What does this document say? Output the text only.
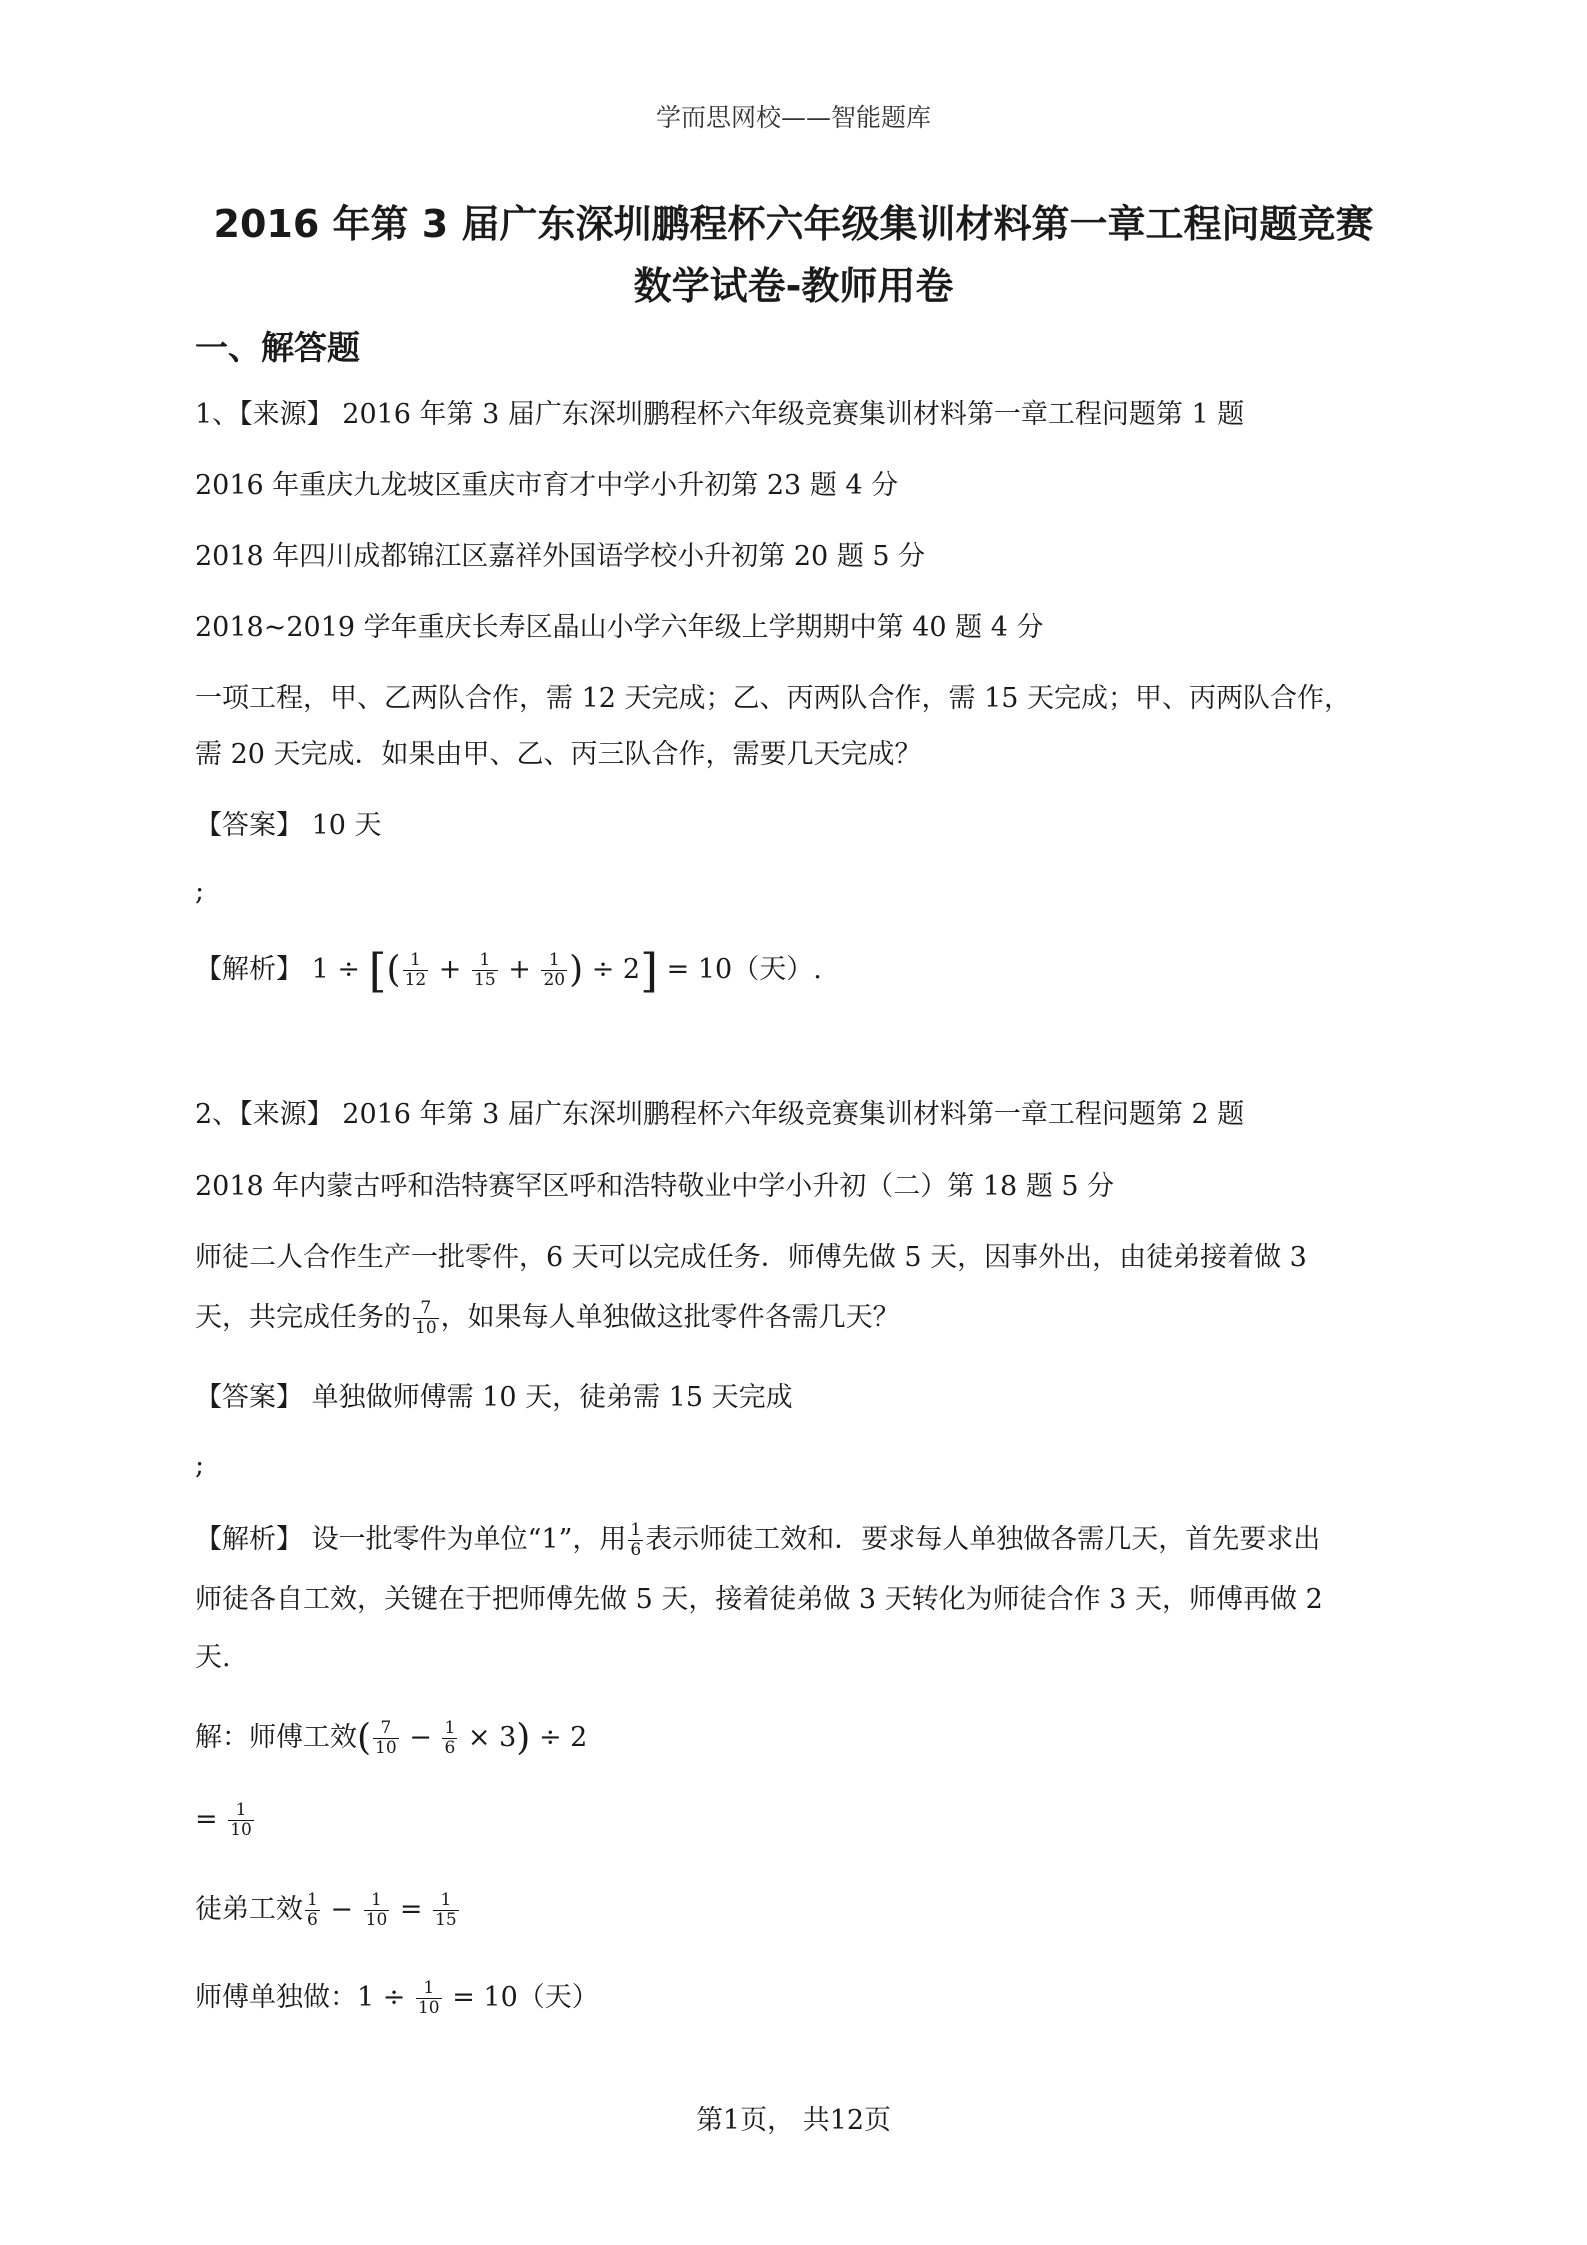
学而思网校——智能题库
2016 年第 3 届广东深圳鹏程杯六年级集训材料第一章工程问题竞赛
数学试卷-教师用卷
一、解答题
1、【来源】 2016 年第 3 届广东深圳鹏程杯六年级竞赛集训材料第一章工程问题第 1 题
2016 年重庆九龙坡区重庆市育才中学小升初第 23 题 4 分
2018 年四川成都锦江区嘉祥外国语学校小升初第 20 题 5 分
2018~2019 学年重庆长寿区晶山小学六年级上学期期中第 40 题 4 分
一项工程，甲、乙两队合作，需 12 天完成；乙、丙两队合作，需 15 天完成；甲、丙两队合作，
需 20 天完成．如果由甲、乙、丙三队合作，需要几天完成？
【答案】 10 天
;
【解析】 1 ÷ [( $\frac{1}{12} + \frac{1}{15} + \frac{1}{20}$ ) ÷ 2] = 10（天）.
2、【来源】 2016 年第 3 届广东深圳鹏程杯六年级竞赛集训材料第一章工程问题第 2 题
2018 年内蒙古呼和浩特赛罕区呼和浩特敬业中学小升初（二）第 18 题 5 分
师徒二人合作生产一批零件，6 天可以完成任务．师傅先做 5 天，因事外出，由徒弟接着做 3
天，共完成任务的 $\frac{7}{10}$ ，如果每人单独做这批零件各需几天？
【答案】 单独做师傅需 10 天，徒弟需 15 天完成
;
【解析】 设一批零件为单位“1”，用 $\frac{1}{6}$ 表示师徒工效和．要求每人单独做各需几天，首先要求出
师徒各自工效，关键在于把师傅先做 5 天，接着徒弟做 3 天转化为师徒合作 3 天，师傅再做 2
天.
解：师傅工效( $\frac{7}{10} - \frac{1}{6} \times 3) \div 2$
= $\frac{1}{10}$
徒弟工效 $\frac{1}{6} - \frac{1}{10} = \frac{1}{15}$
师傅单独做：$1 \div \frac{1}{10} = 10$（天）
第1页， 共12页
